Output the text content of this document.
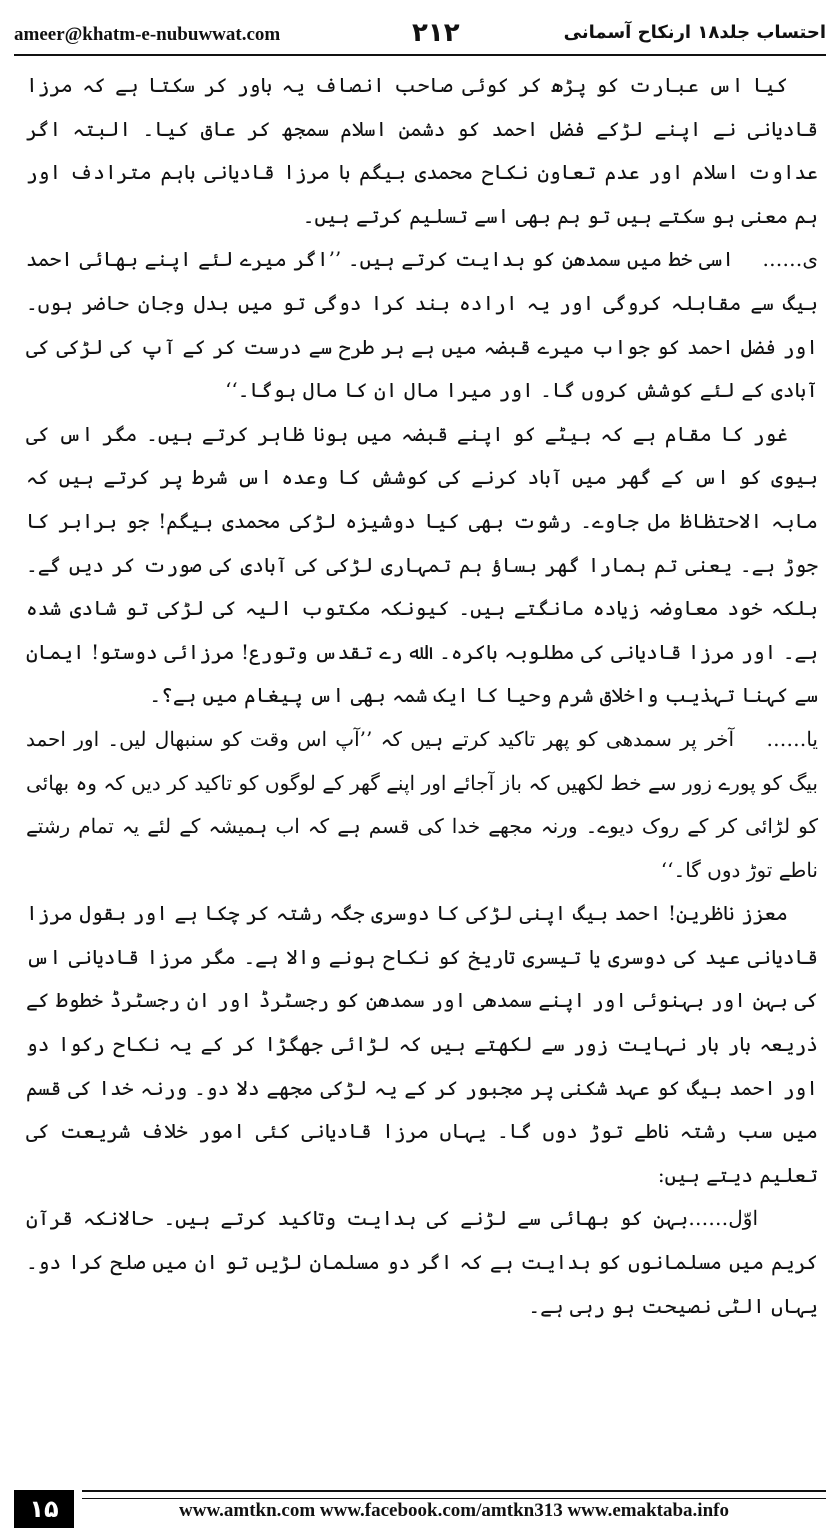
ameer@khatm-e-nubuwwat.com	۲۱۲	احتساب جلد۱۸ ارنکاح آسمانی

کیا اس عبارت کو پڑھ کر کوئی صاحب انصاف یہ باور کر سکتا ہے کہ مرزا قادیانی نے اپنے لڑکے فضل احمد کو دشمن اسلام سمجھ کر عاق کیا۔ البتہ اگر عداوت اسلام اور عدم تعاون نکاح محمدی بیگم با مرزا قادیانی باہم مترادف اور ہم معنی ہو سکتے ہیں تو ہم بھی اسے تسلیم کرتے ہیں۔

ی……اسی خط میں سمدھن کو ہدایت کرتے ہیں۔ ’’اگر میرے لئے اپنے بھائی احمد بیگ سے مقابلہ کروگی اور یہ ارادہ بند کرا دوگی تو میں بدل وجان حاضر ہوں۔ اور فضل احمد کو جواب میرے قبضہ میں ہے ہر طرح سے درست کر کے آپ کی لڑکی کی آبادی کے لئے کوشش کروں گا۔ اور میرا مال ان کا مال ہوگا۔‘‘

غور کا مقام ہے کہ بیٹے کو اپنے قبضہ میں ہونا ظاہر کرتے ہیں۔ مگر اس کی بیوی کو اس کے گھر میں آباد کرنے کی کوشش کا وعدہ اس شرط پر کرتے ہیں کہ مابہ الاحتظاظ مل جاوے۔ رشوت بھی کیا دوشیزہ لڑکی محمدی بیگم! جو برابر کا جوڑ ہے۔ یعنی تم ہمارا گھر بساؤ ہم تمہاری لڑکی کی آبادی کی صورت کر دیں گے۔ بلکہ خود معاوضہ زیادہ مانگتے ہیں۔ کیونکہ مکتوب الیہ کی لڑکی تو شادی شدہ ہے۔ اور مرزا قادیانی کی مطلوبہ باکرہ۔ اﷲ رے تقدس وتورع! مرزائی دوستو! ایمان سے کہنا تہذیب واخلاق شرم وحیا کا ایک شمہ بھی اس پیغام میں ہے؟۔

یا……آخر پر سمدھی کو پھر تاکید کرتے ہیں کہ ’’آپ اس وقت کو سنبھال لیں۔ اور احمد بیگ کو پورے زور سے خط لکھیں کہ باز آجائے اور اپنے گھر کے لوگوں کو تاکید کر دیں کہ وہ بھائی کو لڑائی کر کے روک دیوے۔ ورنہ مجھے خدا کی قسم ہے کہ اب ہمیشہ کے لئے یہ تمام رشتے ناطے توڑ دوں گا۔‘‘

معزز ناظرین! احمد بیگ اپنی لڑکی کا دوسری جگہ رشتہ کر چکا ہے اور بقول مرزا قادیانی عید کی دوسری یا تیسری تاریخ کو نکاح ہونے والا ہے۔ مگر مرزا قادیانی اس کی بہن اور بہنوئی اور اپنے سمدھی اور سمدھن کو رجسٹرڈ اور ان رجسٹرڈ خطوط کے ذریعہ بار بار نہایت زور سے لکھتے ہیں کہ لڑائی جھگڑا کر کے یہ نکاح رکوا دو اور احمد بیگ کو عہد شکنی پر مجبور کر کے یہ لڑکی مجھے دلا دو۔ ورنہ خدا کی قسم میں سب رشتہ ناطے توڑ دوں گا۔ یہاں مرزا قادیانی کئی امور خلاف شریعت کی تعلیم دیتے ہیں:

اوّل……بہن کو بھائی سے لڑنے کی ہدایت وتاکید کرتے ہیں۔ حالانکہ قرآن کریم میں مسلمانوں کو ہدایت ہے کہ اگر دو مسلمان لڑیں تو ان میں صلح کرا دو۔ یہاں الٹی نصیحت ہو رہی ہے۔

۱۵	www.amtkn.com www.facebook.com/amtkn313 www.emaktaba.info
